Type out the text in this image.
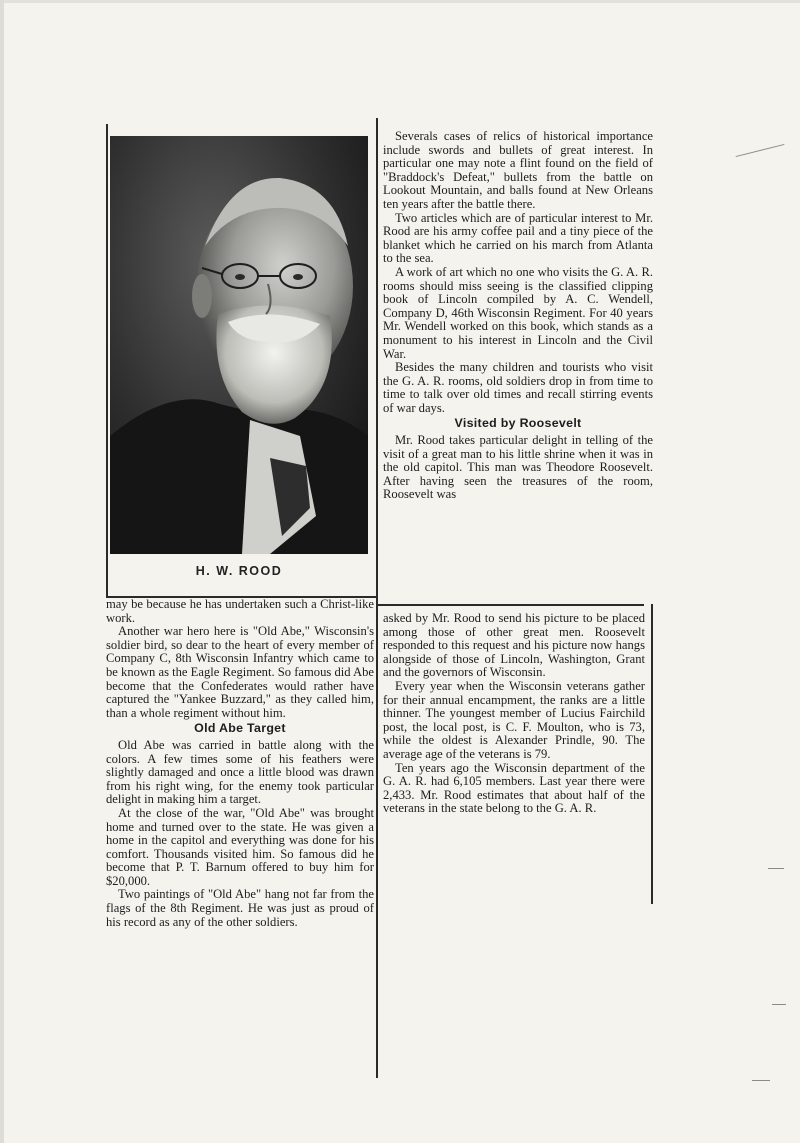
H. W. ROOD

Severals cases of relics of historical importance include swords and bullets of great interest. In particular one may note a flint found on the field of "Braddock's Defeat," bullets from the battle on Lookout Mountain, and balls found at New Orleans ten years after the battle there.

Two articles which are of particular interest to Mr. Rood are his army coffee pail and a tiny piece of the blanket which he carried on his march from Atlanta to the sea.

A work of art which no one who visits the G. A. R. rooms should miss seeing is the classified clipping book of Lincoln compiled by A. C. Wendell, Company D, 46th Wisconsin Regiment. For 40 years Mr. Wendell worked on this book, which stands as a monument to his interest in Lincoln and the Civil War.

Besides the many children and tourists who visit the G. A. R. rooms, old soldiers drop in from time to time to talk over old times and recall stirring events of war days.

Visited by Roosevelt

Mr. Rood takes particular delight in telling of the visit of a great man to his little shrine when it was in the old capitol. This man was Theodore Roosevelt. After having seen the treasures of the room, Roosevelt was

may be because he has undertaken such a Christ-like work.

Another war hero here is "Old Abe," Wisconsin's soldier bird, so dear to the heart of every member of Company C, 8th Wisconsin Infantry which came to be known as the Eagle Regiment. So famous did Abe become that the Confederates would rather have captured the "Yankee Buzzard," as they called him, than a whole regiment without him.

Old Abe Target

Old Abe was carried in battle along with the colors. A few times some of his feathers were slightly damaged and once a little blood was drawn from his right wing, for the enemy took particular delight in making him a target.

At the close of the war, "Old Abe" was brought home and turned over to the state. He was given a home in the capitol and everything was done for his comfort. Thousands visited him. So famous did he become that P. T. Barnum offered to buy him for $20,000.

Two paintings of "Old Abe" hang not far from the flags of the 8th Regiment. He was just as proud of his record as any of the other soldiers.

asked by Mr. Rood to send his picture to be placed among those of other great men. Roosevelt responded to this request and his picture now hangs alongside of those of Lincoln, Washington, Grant and the governors of Wisconsin.

Every year when the Wisconsin veterans gather for their annual encampment, the ranks are a little thinner. The youngest member of Lucius Fairchild post, the local post, is C. F. Moulton, who is 73, while the oldest is Alexander Prindle, 90. The average age of the veterans is 79.

Ten years ago the Wisconsin department of the G. A. R. had 6,105 members. Last year there were 2,433. Mr. Rood estimates that about half of the veterans in the state belong to the G. A. R.
